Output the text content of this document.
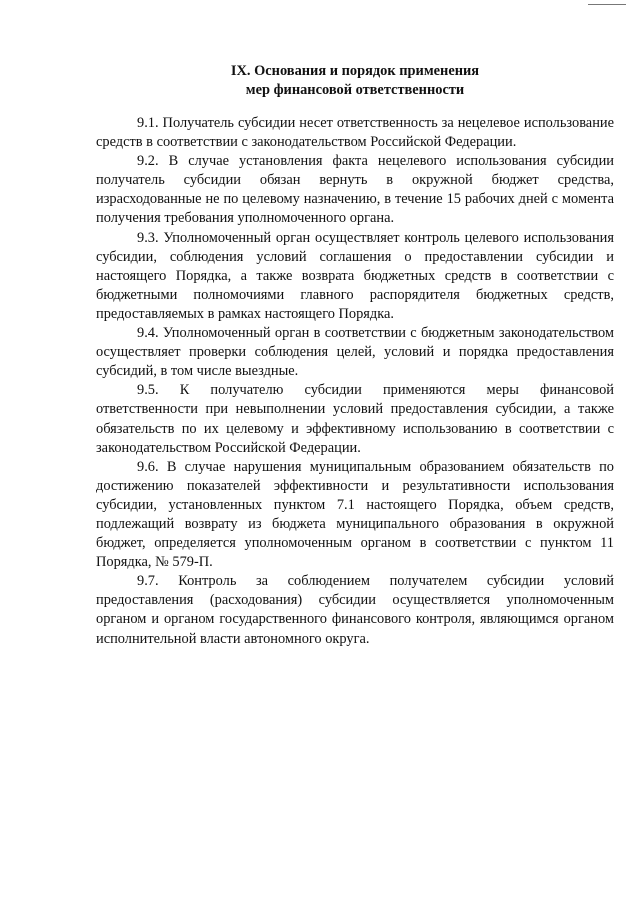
IX. Основания и порядок применения
мер финансовой ответственности

9.1. Получатель субсидии несет ответственность за нецелевое использование средств в соответствии с законодательством Российской Федерации.

9.2. В случае установления факта нецелевого использования субсидии получатель субсидии обязан вернуть в окружной бюджет средства, израсходованные не по целевому назначению, в течение 15 рабочих дней с момента получения требования уполномоченного органа.

9.3. Уполномоченный орган осуществляет контроль целевого использования субсидии, соблюдения условий соглашения о предоставлении субсидии и настоящего Порядка, а также возврата бюджетных средств в соответствии с бюджетными полномочиями главного распорядителя бюджетных средств, предоставляемых в рамках настоящего Порядка.

9.4. Уполномоченный орган в соответствии с бюджетным законодательством осуществляет проверки соблюдения целей, условий и порядка предоставления субсидий, в том числе выездные.

9.5. К получателю субсидии применяются меры финансовой ответственности при невыполнении условий предоставления субсидии, а также обязательств по их целевому и эффективному использованию в соответствии с законодательством Российской Федерации.

9.6. В случае нарушения муниципальным образованием обязательств по достижению показателей эффективности и результативности использования субсидии, установленных пунктом 7.1 настоящего Порядка, объем средств, подлежащий возврату из бюджета муниципального образования в окружной бюджет, определяется уполномоченным органом в соответствии с пунктом 11 Порядка, № 579-П.

9.7. Контроль за соблюдением получателем субсидии условий предоставления (расходования) субсидии осуществляется уполномоченным органом и органом государственного финансового контроля, являющимся органом исполнительной власти автономного округа.
